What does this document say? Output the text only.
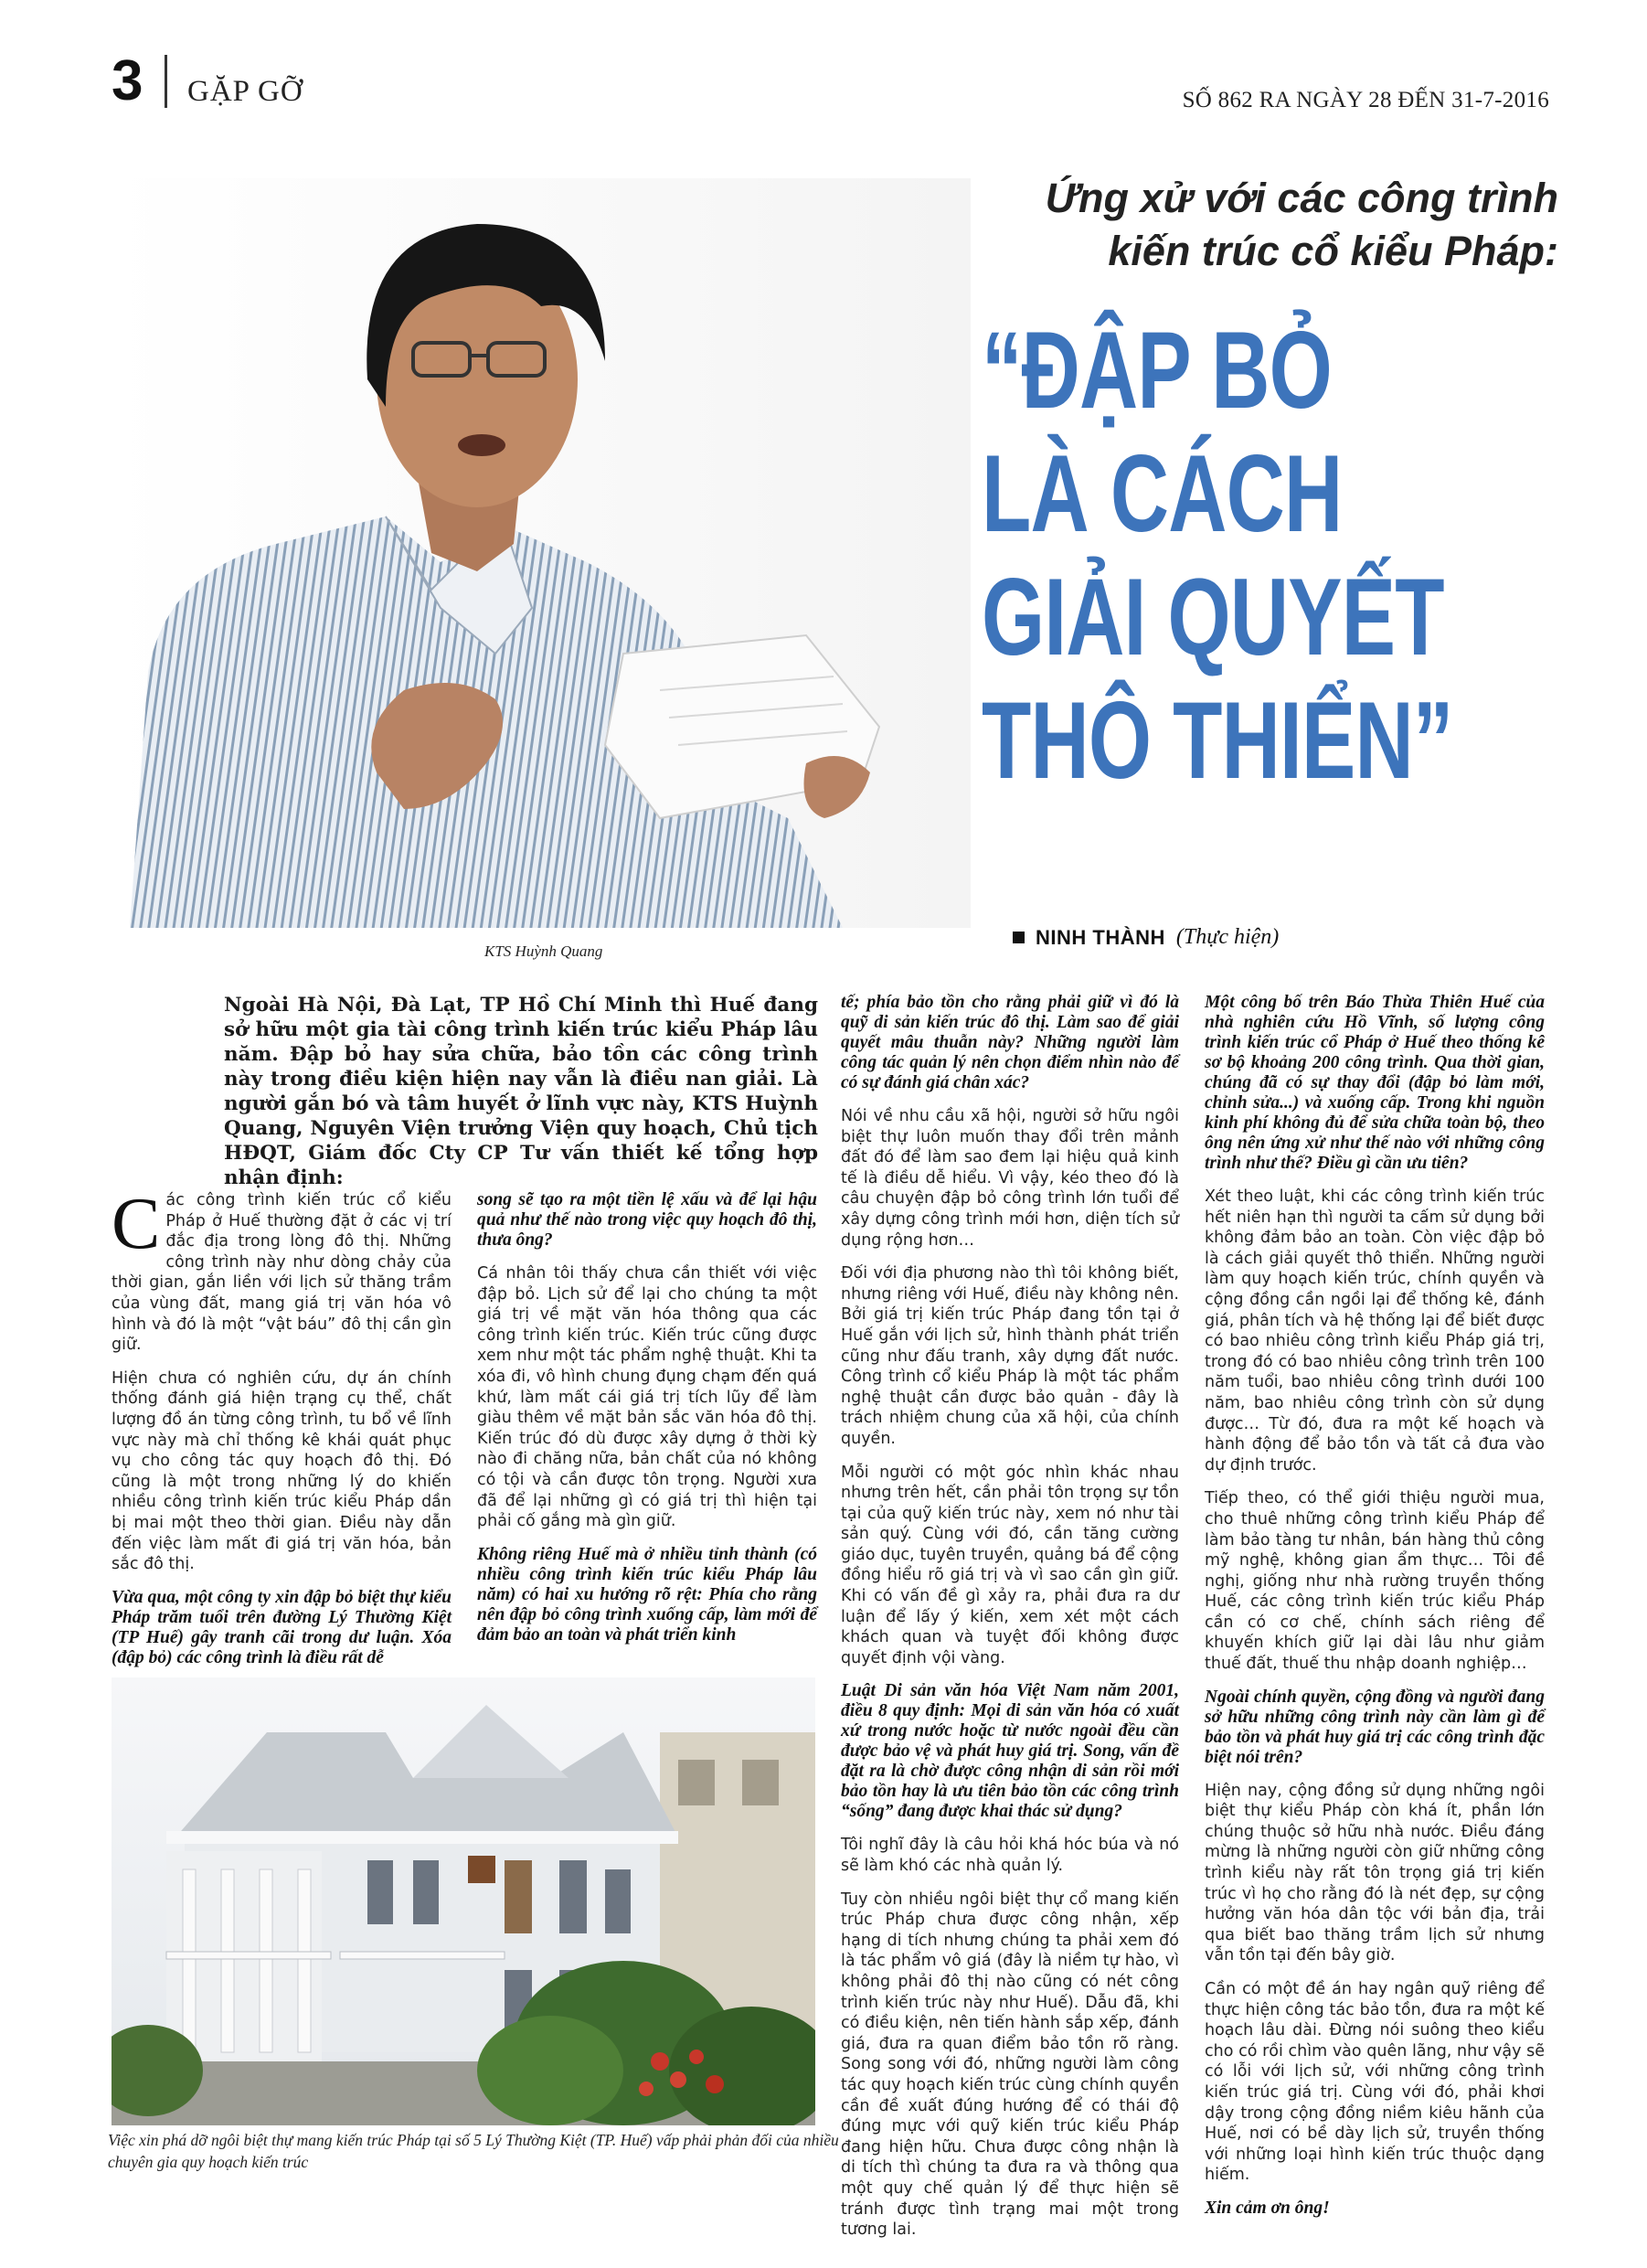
3 GẶP GỠ	SỐ 862 RA NGÀY 28 ĐẾN 31-7-2016
KTS Huỳnh Quang
Ứng xử với các công trình
kiến trúc cổ kiểu Pháp:
“ĐẬP BỎ
LÀ CÁCH
GIẢI QUYẾT
THÔ THIỂN”
NINH THÀNH (Thực hiện)
Ngoài Hà Nội, Đà Lạt, TP Hồ Chí Minh thì Huế đang sở hữu một gia tài công trình kiến trúc kiểu Pháp lâu năm. Đập bỏ hay sửa chữa, bảo tồn các công trình này trong điều kiện hiện nay vẫn là điều nan giải. Là người gắn bó và tâm huyết ở lĩnh vực này, KTS Huỳnh Quang, Nguyên Viện trưởng Viện quy hoạch, Chủ tịch HĐQT, Giám đốc Cty CP Tư vấn thiết kế tổng hợp nhận định:

Các công trình kiến trúc cổ kiểu Pháp ở Huế thường đặt ở các vị trí đắc địa trong lòng đô thị. Những công trình này như dòng chảy của thời gian, gắn liền với lịch sử thăng trầm của vùng đất, mang giá trị văn hóa vô hình và đó là một “vật báu” đô thị cần gìn giữ.

Hiện chưa có nghiên cứu, dự án chính thống đánh giá hiện trạng cụ thể, chất lượng đồ án từng công trình, tu bổ về lĩnh vực này mà chỉ thống kê khái quát phục vụ cho công tác quy hoạch đô thị. Đó cũng là một trong những lý do khiến nhiều công trình kiến trúc kiểu Pháp dần bị mai một theo thời gian. Điều này dẫn đến việc làm mất đi giá trị văn hóa, bản sắc đô thị.

Vừa qua, một công ty xin đập bỏ biệt thự kiểu Pháp trăm tuổi trên đường Lý Thường Kiệt (TP Huế) gây tranh cãi trong dư luận. Xóa (đập bỏ) các công trình là điều rất dễ

song sẽ tạo ra một tiền lệ xấu và để lại hậu quả như thế nào trong việc quy hoạch đô thị, thưa ông?

Cá nhân tôi thấy chưa cần thiết với việc đập bỏ. Lịch sử để lại cho chúng ta một giá trị về mặt văn hóa thông qua các công trình kiến trúc. Kiến trúc cũng được xem như một tác phẩm nghệ thuật. Khi ta xóa đi, vô hình chung đụng chạm đến quá khứ, làm mất cái giá trị tích lũy để làm giàu thêm về mặt bản sắc văn hóa đô thị. Kiến trúc đó dù được xây dựng ở thời kỳ nào đi chăng nữa, bản chất của nó không có tội và cần được tôn trọng. Người xưa đã để lại những gì có giá trị thì hiện tại phải cố gắng mà gìn giữ.

Không riêng Huế mà ở nhiều tỉnh thành (có nhiều công trình kiến trúc kiểu Pháp lâu năm) có hai xu hướng rõ rệt: Phía cho rằng nên đập bỏ công trình xuống cấp, làm mới để đảm bảo an toàn và phát triển kinh

tế; phía bảo tồn cho rằng phải giữ vì đó là quỹ di sản kiến trúc đô thị. Làm sao để giải quyết mâu thuẫn này? Những người làm công tác quản lý nên chọn điểm nhìn nào để có sự đánh giá chân xác?

Nói về nhu cầu xã hội, người sở hữu ngôi biệt thự luôn muốn thay đổi trên mảnh đất đó để làm sao đem lại hiệu quả kinh tế là điều dễ hiểu. Vì vậy, kéo theo đó là câu chuyện đập bỏ công trình lớn tuổi để xây dựng công trình mới hơn, diện tích sử dụng rộng hơn…

Đối với địa phương nào thì tôi không biết, nhưng riêng với Huế, điều này không nên. Bởi giá trị kiến trúc Pháp đang tồn tại ở Huế gắn với lịch sử, hình thành phát triển cũng như đấu tranh, xây dựng đất nước. Công trình cổ kiểu Pháp là một tác phẩm nghệ thuật cần được bảo quản - đây là trách nhiệm chung của xã hội, của chính quyền.

Mỗi người có một góc nhìn khác nhau nhưng trên hết, cần phải tôn trọng sự tồn tại của quỹ kiến trúc này, xem nó như tài sản quý. Cùng với đó, cần tăng cường giáo dục, tuyên truyền, quảng bá để cộng đồng hiểu rõ giá trị và vì sao cần gìn giữ. Khi có vấn đề gì xảy ra, phải đưa ra dư luận để lấy ý kiến, xem xét một cách khách quan và tuyệt đối không được quyết định vội vàng.

Luật Di sản văn hóa Việt Nam năm 2001, điều 8 quy định: Mọi di sản văn hóa có xuất xứ trong nước hoặc từ nước ngoài đều cần được bảo vệ và phát huy giá trị. Song, vấn đề đặt ra là chờ được công nhận di sản rồi mới bảo tồn hay là ưu tiên bảo tồn các công trình “sống” đang được khai thác sử dụng?

Tôi nghĩ đây là câu hỏi khá hóc búa và nó sẽ làm khó các nhà quản lý.

Tuy còn nhiều ngôi biệt thự cổ mang kiến trúc Pháp chưa được công nhận, xếp hạng di tích nhưng chúng ta phải xem đó là tác phẩm vô giá (đây là niềm tự hào, vì không phải đô thị nào cũng có nét công trình kiến trúc này như Huế). Dẫu đã, khi có điều kiện, nên tiến hành sắp xếp, đánh giá, đưa ra quan điểm bảo tồn rõ ràng. Song song với đó, những người làm công tác quy hoạch kiến trúc cùng chính quyền cần đề xuất đúng hướng để có thái độ đúng mực với quỹ kiến trúc kiểu Pháp đang hiện hữu. Chưa được công nhận là di tích thì chúng ta đưa ra và thông qua một quy chế quản lý để thực hiện sẽ tránh được tình trạng mai một trong tương lai.

Một công bố trên Báo Thừa Thiên Huế của nhà nghiên cứu Hồ Vĩnh, số lượng công trình kiến trúc cổ Pháp ở Huế theo thống kê sơ bộ khoảng 200 công trình. Qua thời gian, chúng đã có sự thay đổi (đập bỏ làm mới, chỉnh sửa...) và xuống cấp. Trong khi nguồn kinh phí không đủ để sửa chữa toàn bộ, theo ông nên ứng xử như thế nào với những công trình như thế? Điều gì cần ưu tiên?

Xét theo luật, khi các công trình kiến trúc hết niên hạn thì người ta cấm sử dụng bởi không đảm bảo an toàn. Còn việc đập bỏ là cách giải quyết thô thiển. Những người làm quy hoạch kiến trúc, chính quyền và cộng đồng cần ngồi lại để thống kê, đánh giá, phân tích và hệ thống lại để biết được có bao nhiêu công trình kiểu Pháp giá trị, trong đó có bao nhiêu công trình trên 100 năm tuổi, bao nhiêu công trình dưới 100 năm, bao nhiêu công trình còn sử dụng được… Từ đó, đưa ra một kế hoạch và hành động để bảo tồn và tất cả đưa vào dự định trước.

Tiếp theo, có thể giới thiệu người mua, cho thuê những công trình kiểu Pháp để làm bảo tàng tư nhân, bán hàng thủ công mỹ nghệ, không gian ẩm thực… Tôi đề nghị, giống như nhà rường truyền thống Huế, các công trình kiến trúc kiểu Pháp cần có cơ chế, chính sách riêng để khuyến khích giữ lại dài lâu như giảm thuế đất, thuế thu nhập doanh nghiệp…

Ngoài chính quyền, cộng đồng và người đang sở hữu những công trình này cần làm gì để bảo tồn và phát huy giá trị các công trình đặc biệt nói trên?

Hiện nay, cộng đồng sử dụng những ngôi biệt thự kiểu Pháp còn khá ít, phần lớn chúng thuộc sở hữu nhà nước. Điều đáng mừng là những người còn giữ những công trình kiểu này rất tôn trọng giá trị kiến trúc vì họ cho rằng đó là nét đẹp, sự cộng hưởng văn hóa dân tộc với bản địa, trải qua biết bao thăng trầm lịch sử nhưng vẫn tồn tại đến bây giờ.

Cần có một đề án hay ngân quỹ riêng để thực hiện công tác bảo tồn, đưa ra một kế hoạch lâu dài. Đừng nói suông theo kiểu cho có rồi chìm vào quên lãng, như vậy sẽ có lỗi với lịch sử, với những công trình kiến trúc giá trị. Cùng với đó, phải khơi dậy trong cộng đồng niềm kiêu hãnh của Huế, nơi có bề dày lịch sử, truyền thống với những loại hình kiến trúc thuộc dạng hiếm.

Xin cảm ơn ông!

Việc xin phá dỡ ngôi biệt thự mang kiến trúc Pháp tại số 5 Lý Thường Kiệt (TP. Huế) vấp phải phản đối của nhiều chuyên gia quy hoạch kiến trúc
